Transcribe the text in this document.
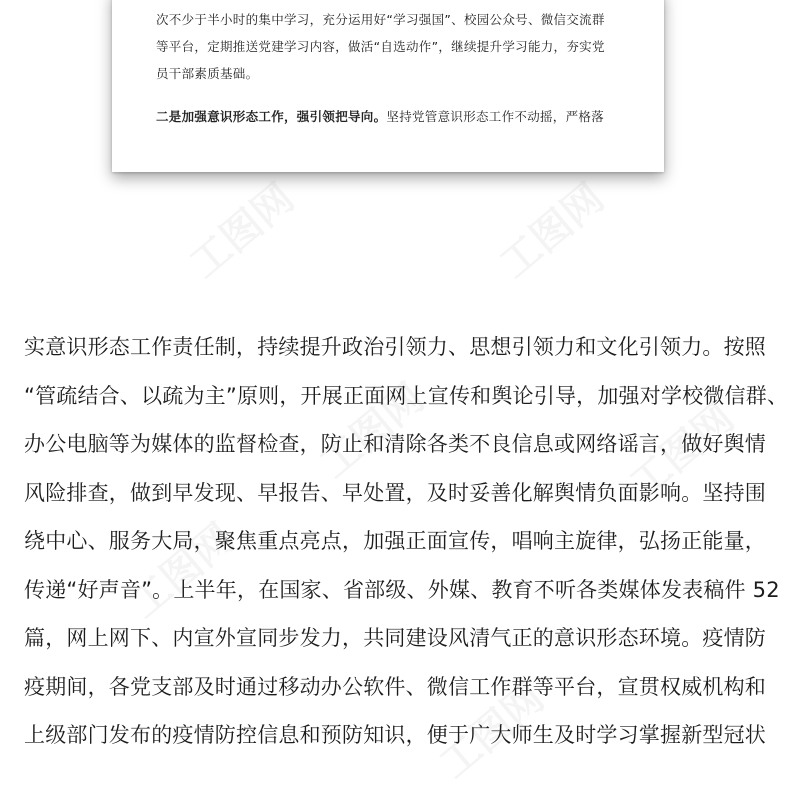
次不少于半小时的集中学习，充分运用好“学习强国”、校园公众号、微信交流群

等平台，定期推送党建学习内容，做活“自选动作”，继续提升学习能力，夯实党

员干部素质基础。

二是加强意识形态工作，强引领把导向。坚持党管意识形态工作不动摇，严格落

实意识形态工作责任制，持续提升政治引领力、思想引领力和文化引领力。按照

“管疏结合、以疏为主”原则，开展正面网上宣传和舆论引导，加强对学校微信群、

办公电脑等为媒体的监督检查，防止和清除各类不良信息或网络谣言，做好舆情

风险排查，做到早发现、早报告、早处置，及时妥善化解舆情负面影响。坚持围

绕中心、服务大局，聚焦重点亮点，加强正面宣传，唱响主旋律，弘扬正能量，

传递“好声音”。上半年，在国家、省部级、外媒、教育不听各类媒体发表稿件 52

篇，网上网下、内宣外宣同步发力，共同建设风清气正的意识形态环境。疫情防

疫期间，各党支部及时通过移动办公软件、微信工作群等平台，宣贯权威机构和

上级部门发布的疫情防控信息和预防知识，便于广大师生及时学习掌握新型冠状
